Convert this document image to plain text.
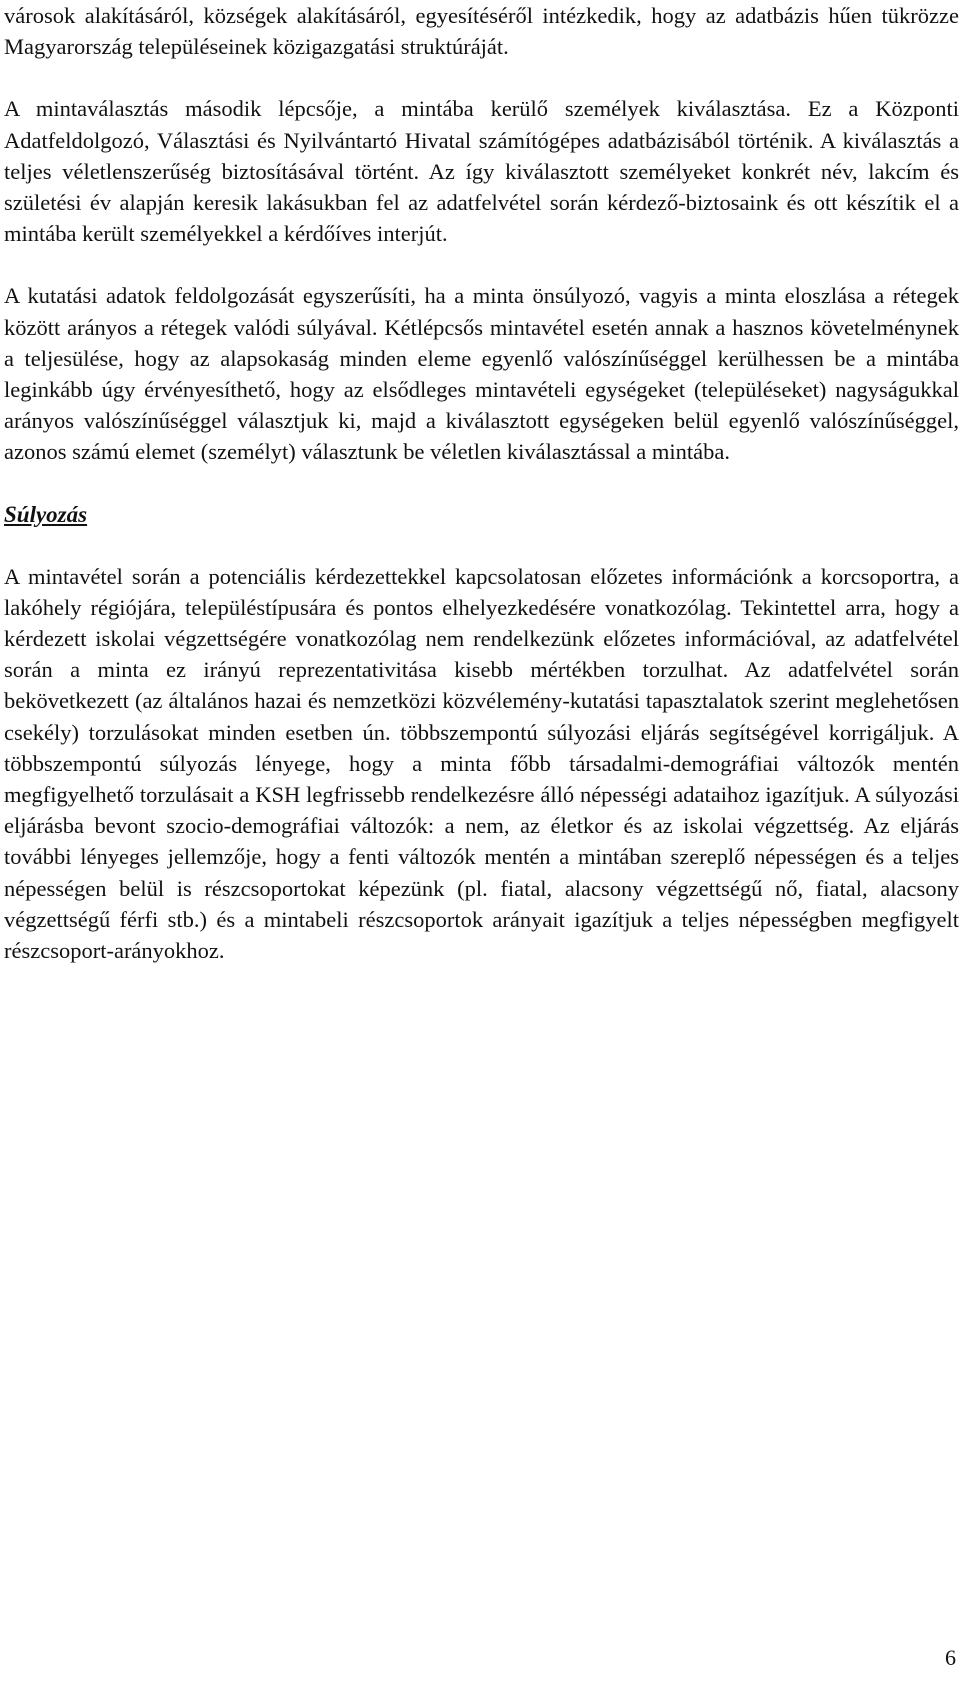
városok alakításáról, községek alakításáról, egyesítéséről intézkedik, hogy az adatbázis hűen tükrözze Magyarország településeinek közigazgatási struktúráját.

A mintaválasztás második lépcsője, a mintába kerülő személyek kiválasztása. Ez a Központi Adatfeldolgozó, Választási és Nyilvántartó Hivatal számítógépes adatbázisából történik. A kiválasztás a teljes véletlenszerűség biztosításával történt. Az így kiválasztott személyeket konkrét név, lakcím és születési év alapján keresik lakásukban fel az adatfelvétel során kérdező-biztosaink és ott készítik el a mintába került személyekkel a kérdőíves interjút.

A kutatási adatok feldolgozását egyszerűsíti, ha a minta önsúlyozó, vagyis a minta eloszlása a rétegek között arányos a rétegek valódi súlyával. Kétlépcsős mintavétel esetén annak a hasznos követelménynek a teljesülése, hogy az alapsokaság minden eleme egyenlő valószínűséggel kerülhessen be a mintába leginkább úgy érvényesíthető, hogy az elsődleges mintavételi egységeket (településeket) nagyságukkal arányos valószínűséggel választjuk ki, majd a kiválasztott egységeken belül egyenlő valószínűséggel, azonos számú elemet (személyt) választunk be véletlen kiválasztással a mintába.

Súlyozás

A mintavétel során a potenciális kérdezettekkel kapcsolatosan előzetes információnk a korcsoportra, a lakóhely régiójára, településtípusára és pontos elhelyezkedésére vonatkozólag. Tekintettel arra, hogy a kérdezett iskolai végzettségére vonatkozólag nem rendelkezünk előzetes információval, az adatfelvétel során a minta ez irányú reprezentativitása kisebb mértékben torzulhat. Az adatfelvétel során bekövetkezett (az általános hazai és nemzetközi közvélemény-kutatási tapasztalatok szerint meglehetősen csekély) torzulásokat minden esetben ún. többszempontú súlyozási eljárás segítségével korrigáljuk. A többszempontú súlyozás lényege, hogy a minta főbb társadalmi-demográfiai változók mentén megfigyelhető torzulásait a KSH legfrissebb rendelkezésre álló népességi adataihoz igazítjuk. A súlyozási eljárásba bevont szocio-demográfiai változók: a nem, az életkor és az iskolai végzettség. Az eljárás további lényeges jellemzője, hogy a fenti változók mentén a mintában szereplő népességen és a teljes népességen belül is részcsoportokat képezünk (pl. fiatal, alacsony végzettségű nő, fiatal, alacsony végzettségű férfi stb.) és a mintabeli részcsoportok arányait igazítjuk a teljes népességben megfigyelt részcsoport-arányokhoz.

6
